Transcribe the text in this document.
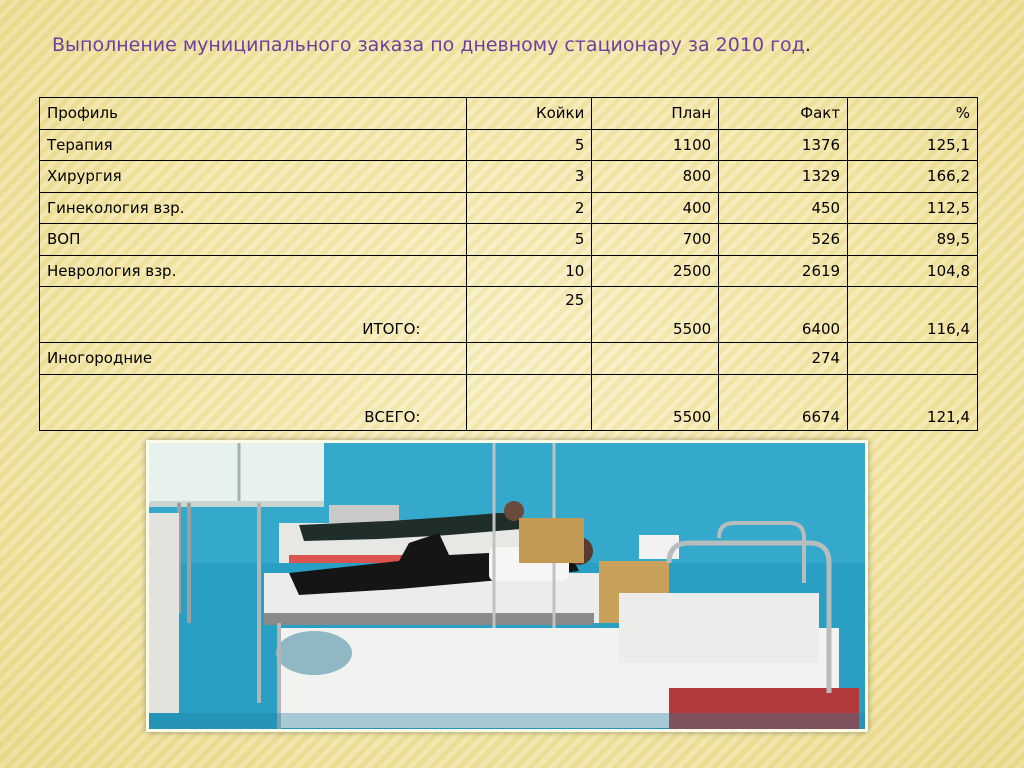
Выполнение муниципального заказа по дневному стационару за 2010 год.
Профиль	Койки	План	Факт	%
Терапия	5	1100	1376	125,1
Хирургия	3	800	1329	166,2
Гинекология взр.	2	400	450	112,5
ВОП	5	700	526	89,5
Неврология взр.	10	2500	2619	104,8
ИТОГО:	25	5500	6400	116,4
Иногородние			274	
ВСЕГО:		5500	6674	121,4
